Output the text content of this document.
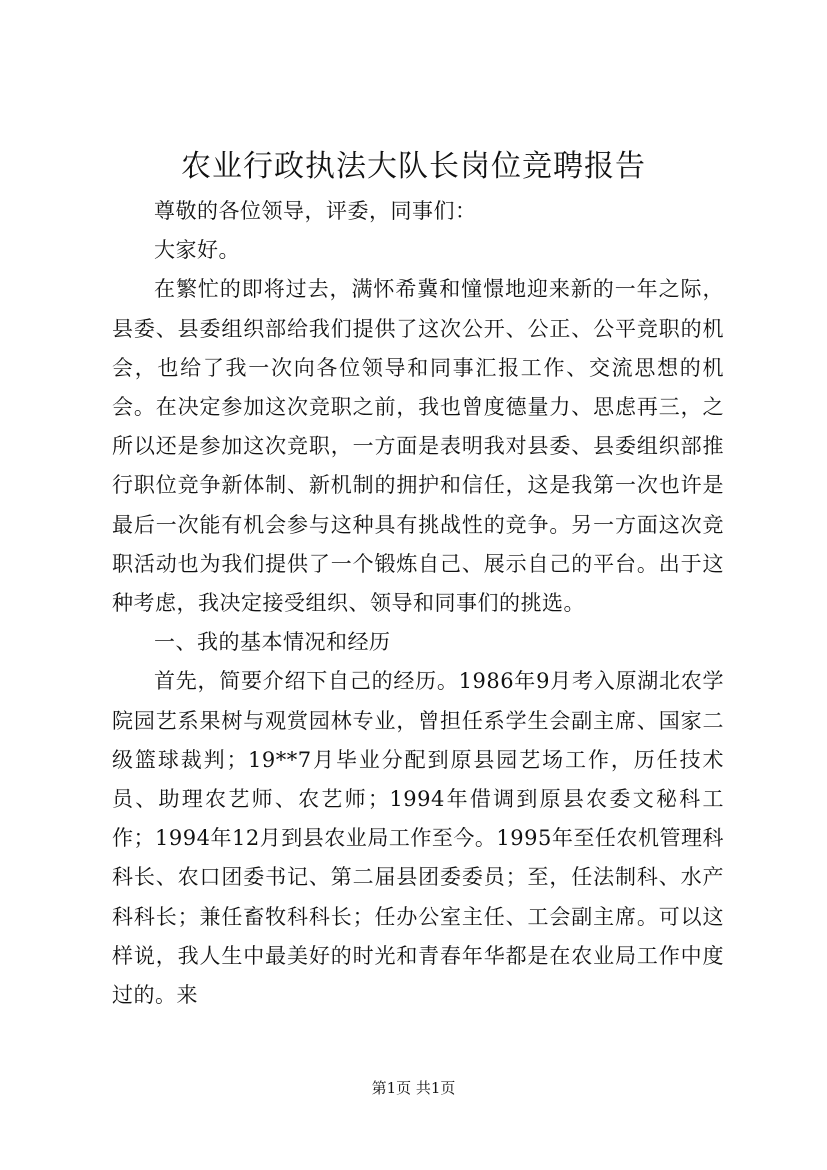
农业行政执法大队长岗位竞聘报告

尊敬的各位领导，评委，同事们：

大家好。

在繁忙的即将过去，满怀希冀和憧憬地迎来新的一年之际，县委、县委组织部给我们提供了这次公开、公正、公平竞职的机会，也给了我一次向各位领导和同事汇报工作、交流思想的机会。在决定参加这次竞职之前，我也曾度德量力、思虑再三，之所以还是参加这次竞职，一方面是表明我对县委、县委组织部推行职位竞争新体制、新机制的拥护和信任，这是我第一次也许是最后一次能有机会参与这种具有挑战性的竞争。另一方面这次竞职活动也为我们提供了一个锻炼自己、展示自己的平台。出于这种考虑，我决定接受组织、领导和同事们的挑选。

一、我的基本情况和经历

首先，简要介绍下自己的经历。1986年9月考入原湖北农学院园艺系果树与观赏园林专业，曾担任系学生会副主席、国家二级篮球裁判；19**7月毕业分配到原县园艺场工作，历任技术员、助理农艺师、农艺师；1994年借调到原县农委文秘科工作；1994年12月到县农业局工作至今。1995年至任农机管理科科长、农口团委书记、第二届县团委委员；至，任法制科、水产科科长；兼任畜牧科科长；任办公室主任、工会副主席。可以这样说，我人生中最美好的时光和青春年华都是在农业局工作中度过的。来

第1页 共1页
